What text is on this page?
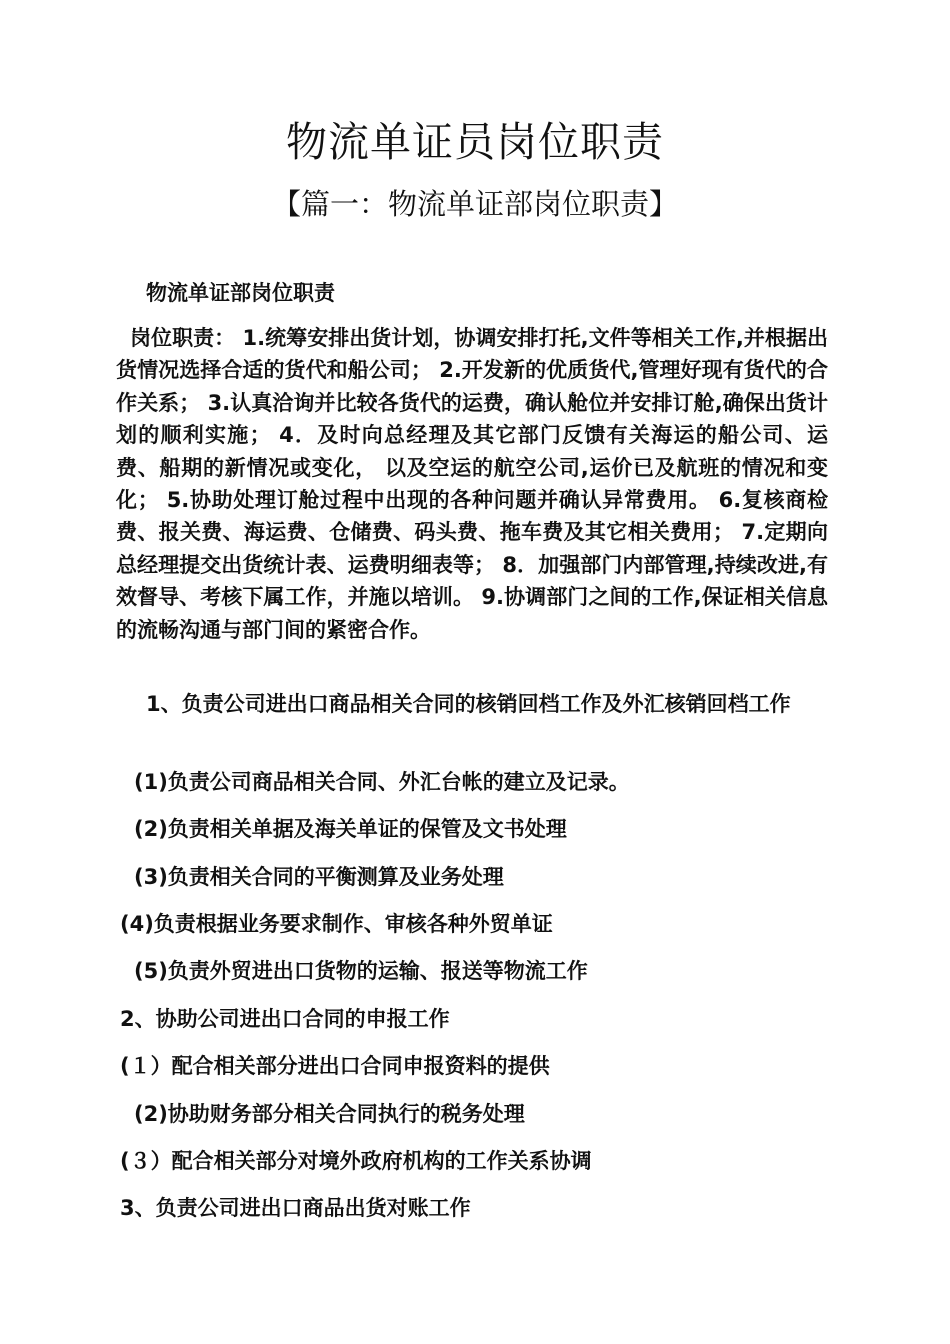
物流单证员岗位职责
【篇一：物流单证部岗位职责】
物流单证部岗位职责
岗位职责： 1.统筹安排出货计划，协调安排打托,文件等相关工作,并根据出货情况选择合适的货代和船公司； 2.开发新的优质货代,管理好现有货代的合作关系； 3.认真洽询并比较各货代的运费，确认舱位并安排订舱,确保出货计划的顺利实施； 4．及时向总经理及其它部门反馈有关海运的船公司、运费、船期的新情况或变化， 以及空运的航空公司,运价已及航班的情况和变化； 5.协助处理订舱过程中出现的各种问题并确认异常费用。 6.复核商检费、报关费、海运费、仓储费、码头费、拖车费及其它相关费用； 7.定期向总经理提交出货统计表、运费明细表等； 8．加强部门内部管理,持续改进,有效督导、考核下属工作，并施以培训。 9.协调部门之间的工作,保证相关信息的流畅沟通与部门间的紧密合作。
1、负责公司进出口商品相关合同的核销回档工作及外汇核销回档工作
(1)负责公司商品相关合同、外汇台帐的建立及记录。
(2)负责相关单据及海关单证的保管及文书处理
(3)负责相关合同的平衡测算及业务处理
(4)负责根据业务要求制作、审核各种外贸单证
(5)负责外贸进出口货物的运输、报送等物流工作
2、协助公司进出口合同的申报工作
(１）配合相关部分进出口合同申报资料的提供
(2)协助财务部分相关合同执行的税务处理
(３）配合相关部分对境外政府机构的工作关系协调
3、负责公司进出口商品出货对账工作
